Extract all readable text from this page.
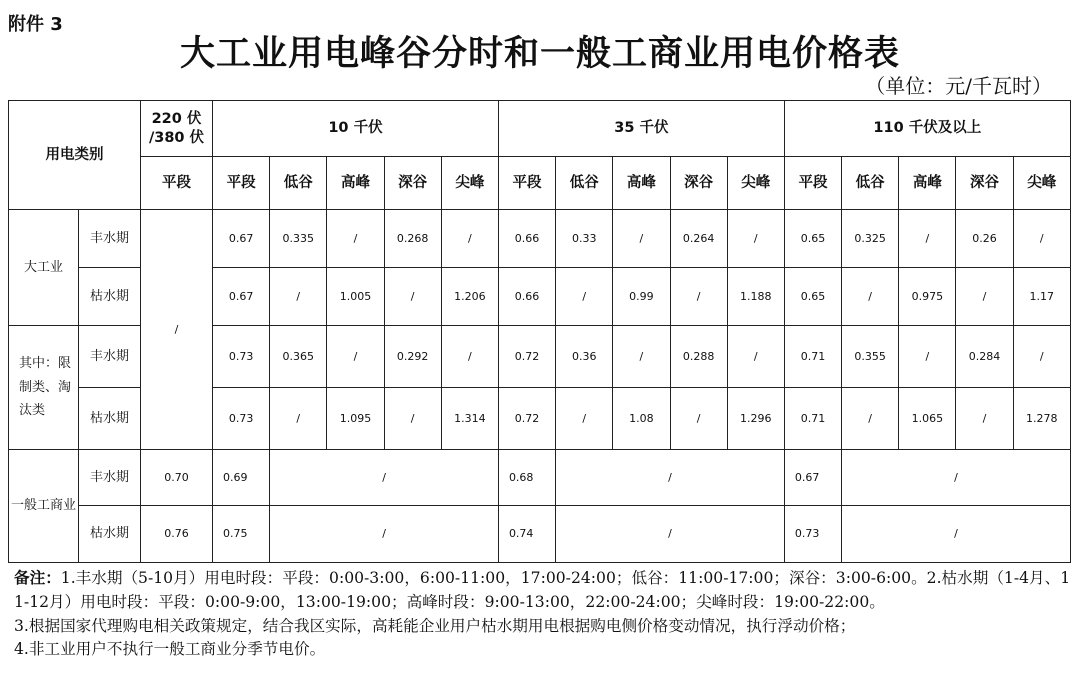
附件 3
大工业用电峰谷分时和一般工商业用电价格表
（单位：元/千瓦时）
用电类别		220 伏 /380 伏	10 千伏					35 千伏					110 千伏及以上				
		平段	平段	低谷	高峰	深谷	尖峰	平段	低谷	高峰	深谷	尖峰	平段	低谷	高峰	深谷	尖峰
大工业	丰水期	/	0.67	0.335	/	0.268	/	0.66	0.33	/	0.264	/	0.65	0.325	/	0.26	/
	枯水期		0.67	/	1.005	/	1.206	0.66	/	0.99	/	1.188	0.65	/	0.975	/	1.17
其中：限制类、淘汰类	丰水期		0.73	0.365	/	0.292	/	0.72	0.36	/	0.288	/	0.71	0.355	/	0.284	/
	枯水期		0.73	/	1.095	/	1.314	0.72	/	1.08	/	1.296	0.71	/	1.065	/	1.278
一般工商业	丰水期	0.70	0.69	/				0.68	/				0.67	/			
	枯水期	0.76	0.75	/				0.74	/				0.73	/			

备注：1.丰水期（5-10月）用电时段：平段：0:00-3:00，6:00-11:00，17:00-24:00；低谷：11:00-17:00；深谷：3:00-6:00。2.枯水期（1-4月、11-12月）用电时段：平段：0:00-9:00，13:00-19:00；高峰时段：9:00-13:00，22:00-24:00；尖峰时段：19:00-22:00。

3.根据国家代理购电相关政策规定，结合我区实际，高耗能企业用户枯水期用电根据购电侧价格变动情况，执行浮动价格；

4.非工业用户不执行一般工商业分季节电价。
